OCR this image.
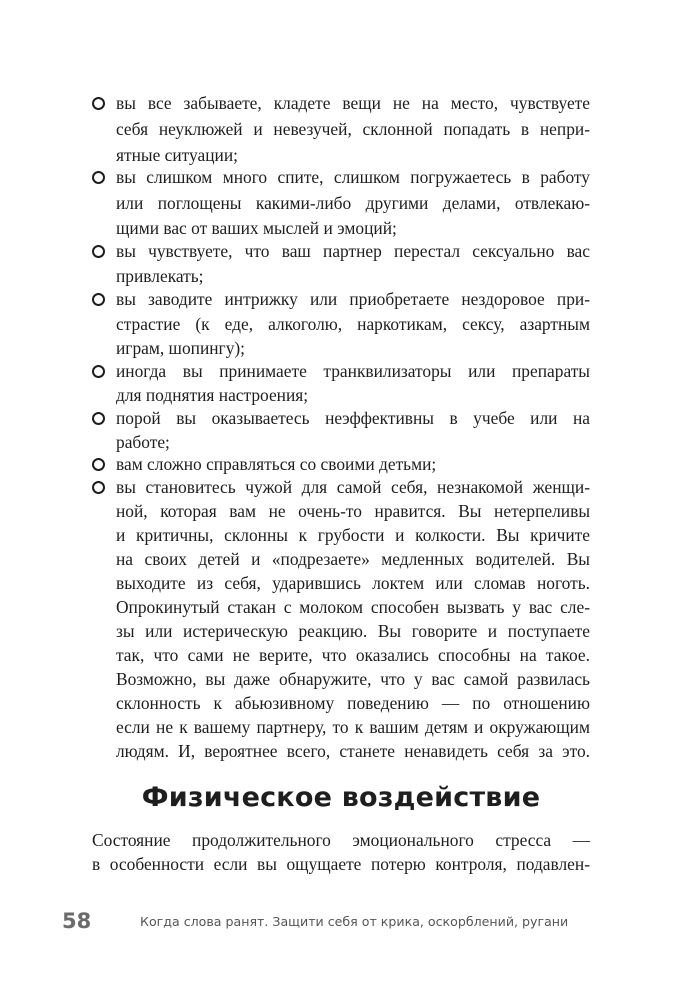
вы все забываете, кладете вещи не на место, чувствуете
себя неуклюжей и невезучей, склонной попадать в непри-
ятные ситуации;
вы слишком много спите, слишком погружаетесь в работу
или поглощены какими-либо другими делами, отвлекаю-
щими вас от ваших мыслей и эмоций;
вы чувствуете, что ваш партнер перестал сексуально вас
привлекать;
вы заводите интрижку или приобретаете нездоровое при-
страстие (к еде, алкоголю, наркотикам, сексу, азартным
играм, шопингу);
иногда вы принимаете транквилизаторы или препараты
для поднятия настроения;
порой вы оказываетесь неэффективны в учебе или на
работе;
вам сложно справляться со своими детьми;
вы становитесь чужой для самой себя, незнакомой женщи-
ной, которая вам не очень-то нравится. Вы нетерпеливы
и критичны, склонны к грубости и колкости. Вы кричите
на своих детей и «подрезаете» медленных водителей. Вы
выходите из себя, ударившись локтем или сломав ноготь.
Опрокинутый стакан с молоком способен вызвать у вас сле-
зы или истерическую реакцию. Вы говорите и поступаете
так, что сами не верите, что оказались способны на такое.
Возможно, вы даже обнаружите, что у вас самой развилась
склонность к абьюзивному поведению — по отношению
если не к вашему партнеру, то к вашим детям и окружающим
людям. И, вероятнее всего, станете ненавидеть себя за это.
Физическое воздействие
Состояние продолжительного эмоционального стресса —
в особенности если вы ощущаете потерю контроля, подавлен-
58	Когда слова ранят. Защити себя от крика, оскорблений, ругани
